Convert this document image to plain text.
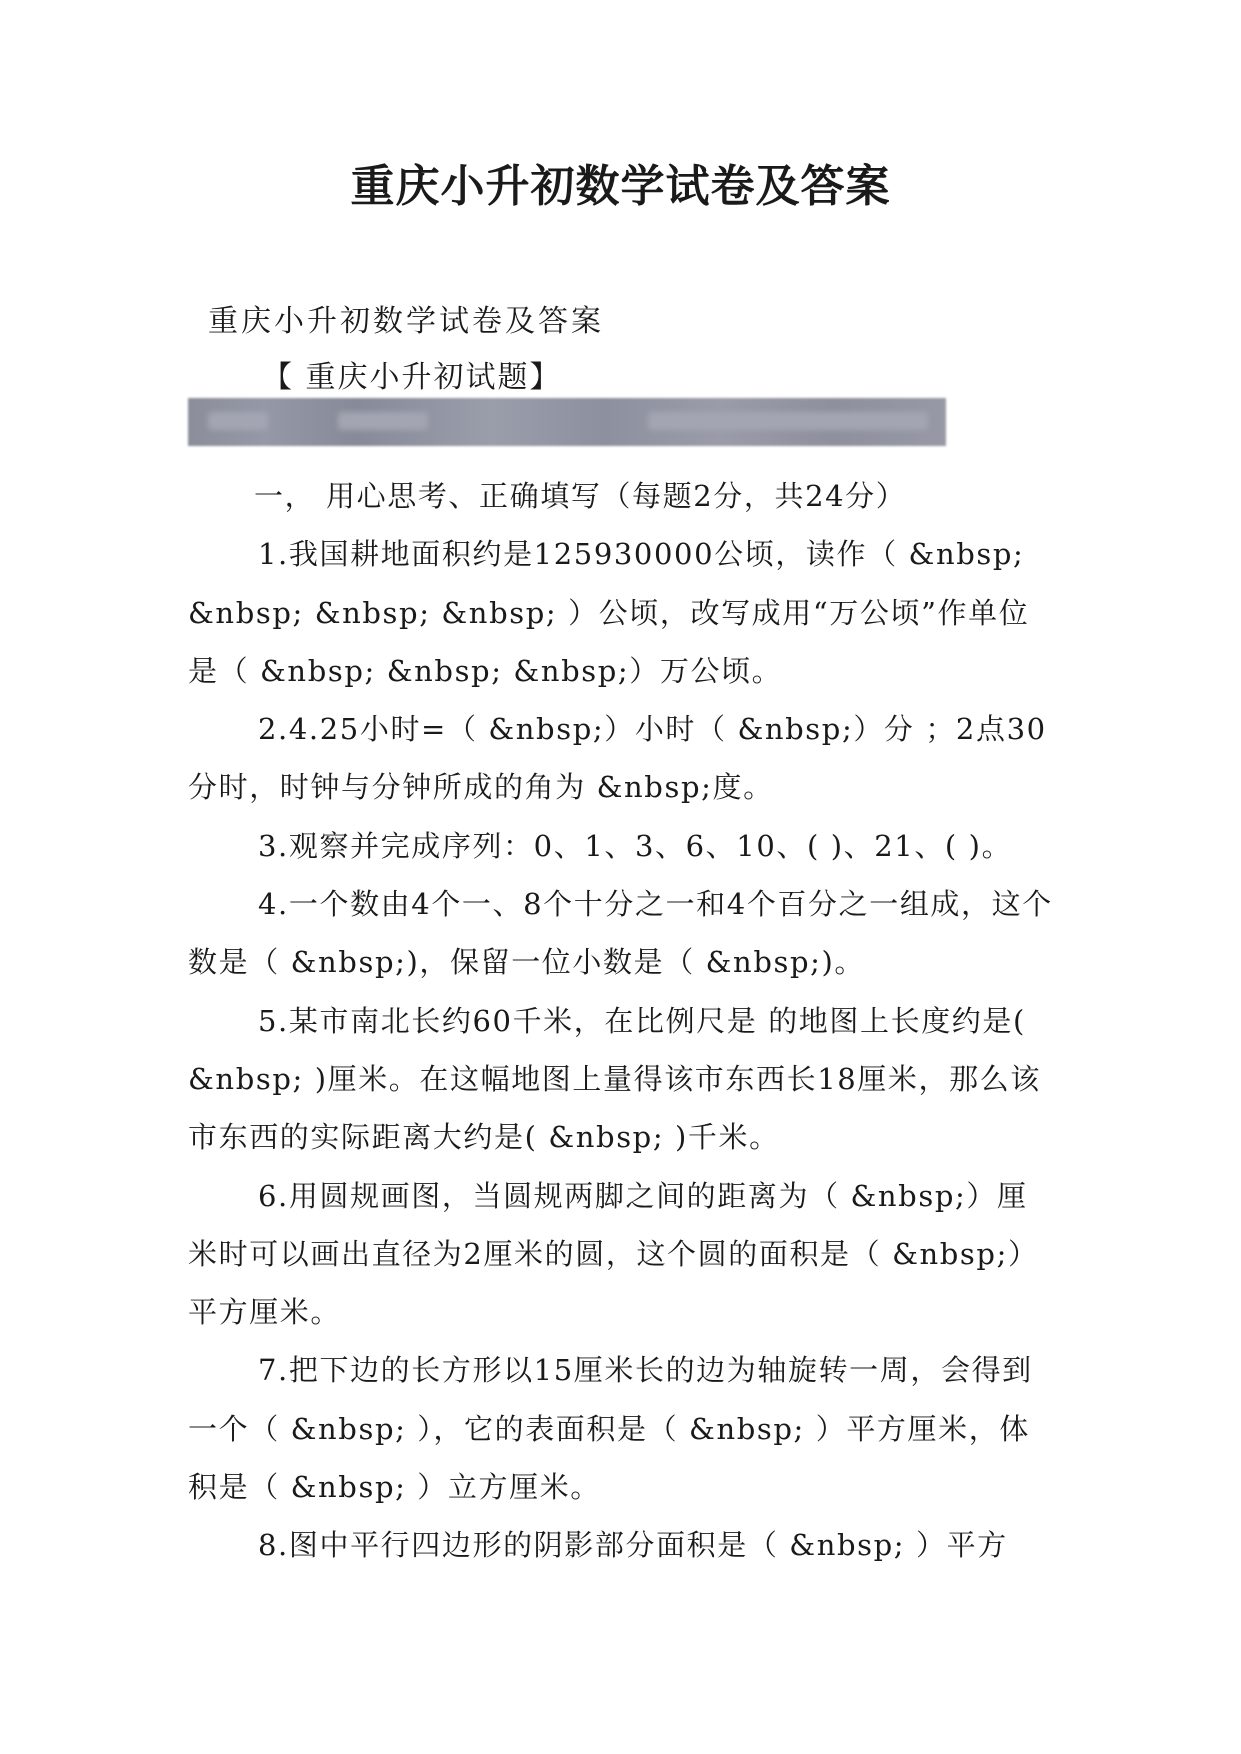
重庆小升初数学试卷及答案
重庆小升初数学试卷及答案
【 重庆小升初试题】

一， 用心思考、正确填写（每题2分，共24分）

1.我国耕地面积约是125930000公顷，读作（ &nbsp; &nbsp; &nbsp; &nbsp; ）公顷，改写成用“万公顷”作单位是（ &nbsp; &nbsp; &nbsp;）万公顷。

2.4.25小时=（ &nbsp;）小时（ &nbsp;）分 ；2点30分时，时钟与分钟所成的角为 &nbsp;度。

3.观察并完成序列：0、1、3、6、10、( )、21、( )。

4.一个数由4个一、8个十分之一和4个百分之一组成，这个数是（ &nbsp;)，保留一位小数是（ &nbsp;)。

5.某市南北长约60千米，在比例尺是 的地图上长度约是( &nbsp; )厘米。在这幅地图上量得该市东西长18厘米，那么该市东西的实际距离大约是( &nbsp; )千米。

6.用圆规画图，当圆规两脚之间的距离为（ &nbsp;）厘米时可以画出直径为2厘米的圆，这个圆的面积是（ &nbsp;）平方厘米。

7.把下边的长方形以15厘米长的边为轴旋转一周，会得到一个（ &nbsp; ），它的表面积是（ &nbsp; ）平方厘米，体积是（ &nbsp; ）立方厘米。

8.图中平行四边形的阴影部分面积是（ &nbsp; ）平方
